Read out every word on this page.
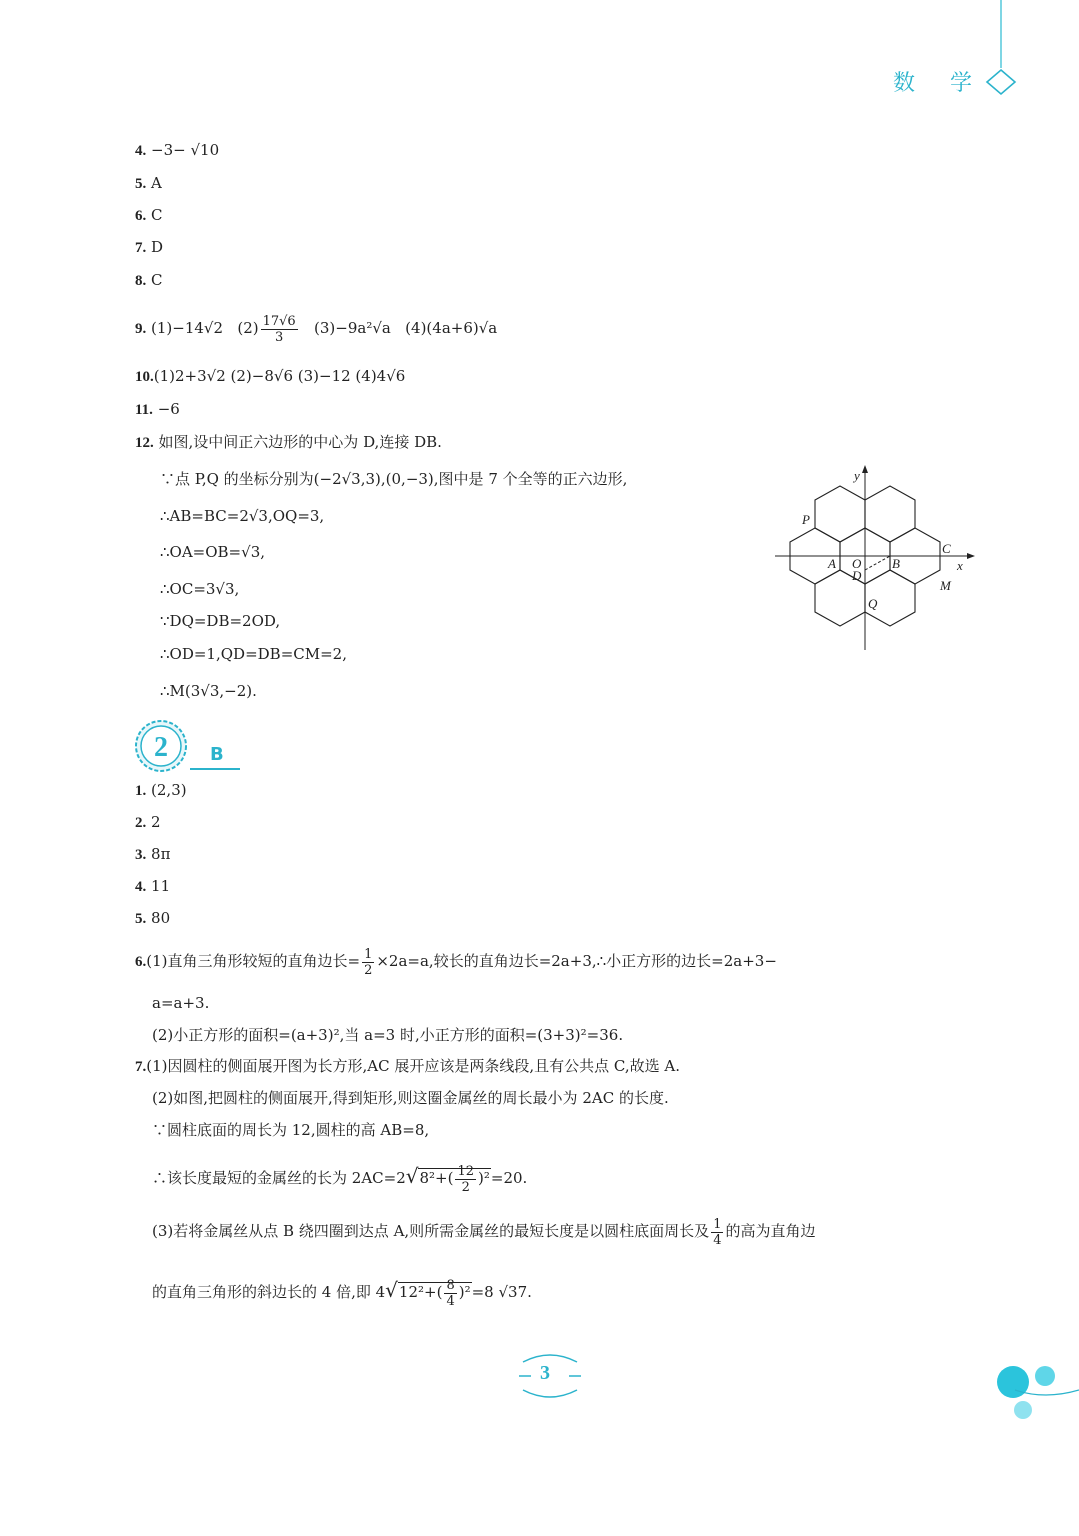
数 学
4. −3− √10
5. A
6. C
7. D
8. C
9. (1)−14√2 $(2) \frac{17√6}{3} (3)-9a^2√a$ (4)(4a+6)√a
10.(1)2+3√2 (2)−8√6 (3)−12 (4)4√6
11. −6
12. 如图,设中间正六边形的中心为 D,连接 DB.
∵点 P,Q 的坐标分别为(−2√3,3),(0,−3),图中是 7 个全等的正六边形,
∴AB=BC=2√3,OQ=3,
∴OA=OB=√3,
∴OC=3√3,
∵DQ=DB=2OD,
∴OD=1,QD=DB=CM=2,
∴M(3√3,−2).
y
x
P
C
A O
D
B
M
Q
2 B
1. (2,3)
2. 2
3. 8π
4. 11
5. 80
6.(1)直角三角形较短的直角边长= $\frac{1}{2} \times 2a=a$,较长的直角边长=2a+3,∴小正方形的边长=2a+3−
a=a+3.
(2)小正方形的面积=(a+3)²,当 a=3 时,小正方形的面积=(3+3)²=36.
7.(1)因圆柱的侧面展开图为长方形,AC 展开应该是两条线段,且有公共点 C,故选 A.
(2)如图,把圆柱的侧面展开,得到矩形,则这圈金属丝的周长最小为 2AC 的长度.
∵圆柱底面的周长为 12,圆柱的高 AB=8,
∴该长度最短的金属丝的长为 $2AC=2√8^2+( \frac{12}{2} )^2=20$.
(3)若将金属丝从点 B 绕四圈到达点 A,则所需金属丝的最短长度是以圆柱底面周长及 $\frac{1}{4}$ 的高为直角边
的直角三角形的斜边长的 4 倍,即 $4√12^2+( \frac{8}{4} )^2=8$ √37.
3
